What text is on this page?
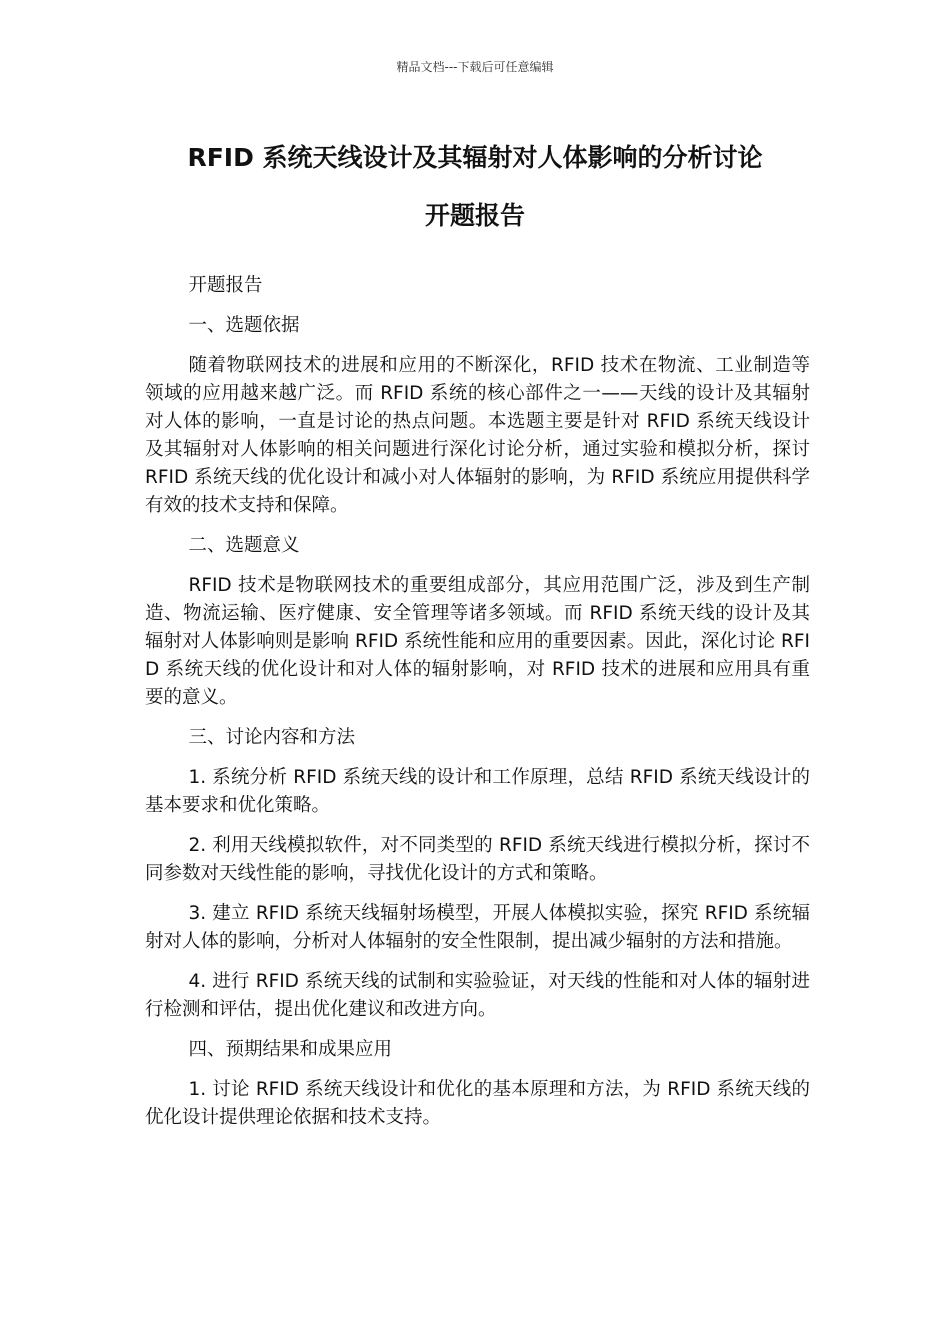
精品文档---下载后可任意编辑
RFID 系统天线设计及其辐射对人体影响的分析讨论
开题报告

开题报告

一、选题依据

随着物联网技术的进展和应用的不断深化，RFID 技术在物流、工业制造等领域的应用越来越广泛。而 RFID 系统的核心部件之一——天线的设计及其辐射对人体的影响，一直是讨论的热点问题。本选题主要是针对 RFID 系统天线设计及其辐射对人体影响的相关问题进行深化讨论分析，通过实验和模拟分析，探讨 RFID 系统天线的优化设计和减小对人体辐射的影响，为 RFID 系统应用提供科学有效的技术支持和保障。

二、选题意义

RFID 技术是物联网技术的重要组成部分，其应用范围广泛，涉及到生产制造、物流运输、医疗健康、安全管理等诸多领域。而 RFID 系统天线的设计及其辐射对人体影响则是影响 RFID 系统性能和应用的重要因素。因此，深化讨论 RFID 系统天线的优化设计和对人体的辐射影响，对 RFID 技术的进展和应用具有重要的意义。

三、讨论内容和方法

1. 系统分析 RFID 系统天线的设计和工作原理，总结 RFID 系统天线设计的基本要求和优化策略。

2. 利用天线模拟软件，对不同类型的 RFID 系统天线进行模拟分析，探讨不同参数对天线性能的影响，寻找优化设计的方式和策略。

3. 建立 RFID 系统天线辐射场模型，开展人体模拟实验，探究 RFID 系统辐射对人体的影响，分析对人体辐射的安全性限制，提出减少辐射的方法和措施。

4. 进行 RFID 系统天线的试制和实验验证，对天线的性能和对人体的辐射进行检测和评估，提出优化建议和改进方向。

四、预期结果和成果应用

1. 讨论 RFID 系统天线设计和优化的基本原理和方法，为 RFID 系统天线的优化设计提供理论依据和技术支持。
